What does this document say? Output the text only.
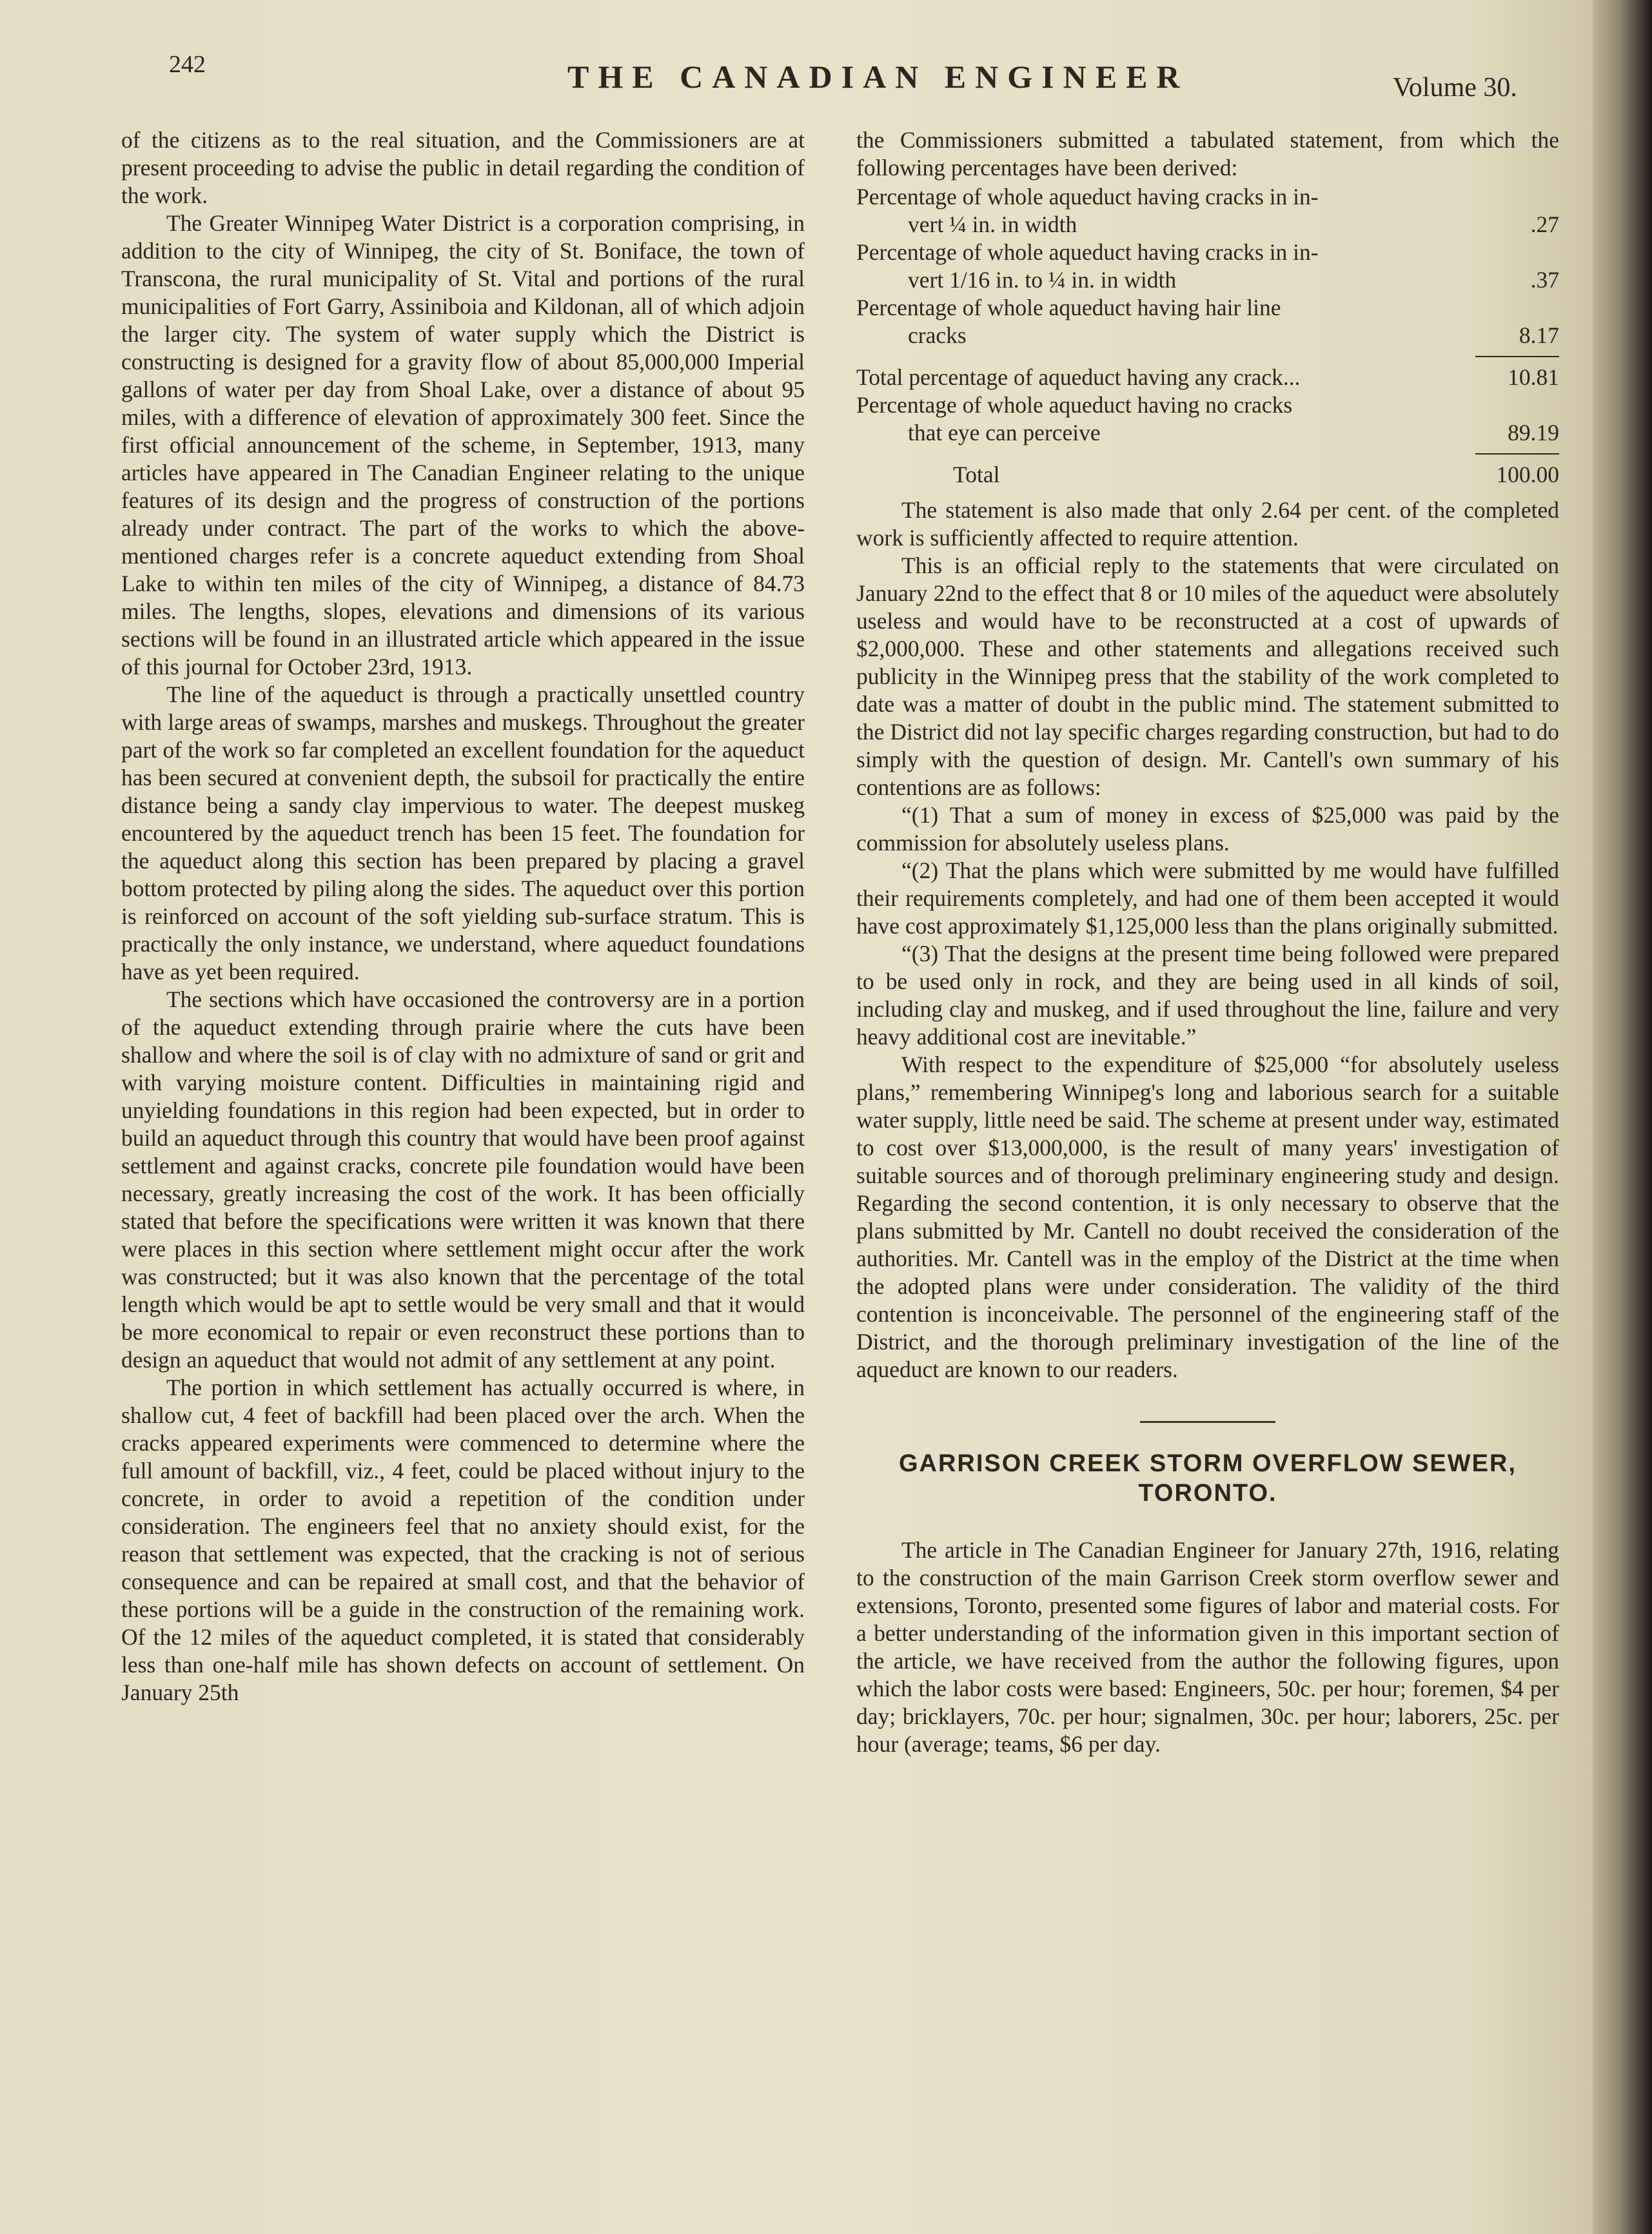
242	THE CANADIAN ENGINEER	Volume 30.

of the citizens as to the real situation, and the Commissioners are at present proceeding to advise the public in detail regarding the condition of the work.

The Greater Winnipeg Water District is a corporation comprising, in addition to the city of Winnipeg, the city of St. Boniface, the town of Transcona, the rural municipality of St. Vital and portions of the rural municipalities of Fort Garry, Assiniboia and Kildonan, all of which adjoin the larger city. The system of water supply which the District is constructing is designed for a gravity flow of about 85,000,000 Imperial gallons of water per day from Shoal Lake, over a distance of about 95 miles, with a difference of elevation of approximately 300 feet. Since the first official announcement of the scheme, in September, 1913, many articles have appeared in The Canadian Engineer relating to the unique features of its design and the progress of construction of the portions already under contract. The part of the works to which the above-mentioned charges refer is a concrete aqueduct extending from Shoal Lake to within ten miles of the city of Winnipeg, a distance of 84.73 miles. The lengths, slopes, elevations and dimensions of its various sections will be found in an illustrated article which appeared in the issue of this journal for October 23rd, 1913.

The line of the aqueduct is through a practically unsettled country with large areas of swamps, marshes and muskegs. Throughout the greater part of the work so far completed an excellent foundation for the aqueduct has been secured at convenient depth, the subsoil for practically the entire distance being a sandy clay impervious to water. The deepest muskeg encountered by the aqueduct trench has been 15 feet. The foundation for the aqueduct along this section has been prepared by placing a gravel bottom protected by piling along the sides. The aqueduct over this portion is reinforced on account of the soft yielding sub-surface stratum. This is practically the only instance, we understand, where aqueduct foundations have as yet been required.

The sections which have occasioned the controversy are in a portion of the aqueduct extending through prairie where the cuts have been shallow and where the soil is of clay with no admixture of sand or grit and with varying moisture content. Difficulties in maintaining rigid and unyielding foundations in this region had been expected, but in order to build an aqueduct through this country that would have been proof against settlement and against cracks, concrete pile foundation would have been necessary, greatly increasing the cost of the work. It has been officially stated that before the specifications were written it was known that there were places in this section where settlement might occur after the work was constructed; but it was also known that the percentage of the total length which would be apt to settle would be very small and that it would be more economical to repair or even reconstruct these portions than to design an aqueduct that would not admit of any settlement at any point.

The portion in which settlement has actually occurred is where, in shallow cut, 4 feet of backfill had been placed over the arch. When the cracks appeared experiments were commenced to determine where the full amount of backfill, viz., 4 feet, could be placed without injury to the concrete, in order to avoid a repetition of the condition under consideration. The engineers feel that no anxiety should exist, for the reason that settlement was expected, that the cracking is not of serious consequence and can be repaired at small cost, and that the behavior of these portions will be a guide in the construction of the remaining work. Of the 12 miles of the aqueduct completed, it is stated that considerably less than one-half mile has shown defects on account of settlement. On January 25th

the Commissioners submitted a tabulated statement, from which the following percentages have been derived:

Percentage of whole aqueduct having cracks in in-
vert ¼ in. in width	.27
Percentage of whole aqueduct having cracks in in-
vert 1/16 in. to ¼ in. in width	.37
Percentage of whole aqueduct having hair line
cracks	8.17
Total percentage of aqueduct having any crack...	10.81
Percentage of whole aqueduct having no cracks
that eye can perceive	89.19
Total	100.00

The statement is also made that only 2.64 per cent. of the completed work is sufficiently affected to require attention.

This is an official reply to the statements that were circulated on January 22nd to the effect that 8 or 10 miles of the aqueduct were absolutely useless and would have to be reconstructed at a cost of upwards of $2,000,000. These and other statements and allegations received such publicity in the Winnipeg press that the stability of the work completed to date was a matter of doubt in the public mind. The statement submitted to the District did not lay specific charges regarding construction, but had to do simply with the question of design. Mr. Cantell's own summary of his contentions are as follows:

“(1) That a sum of money in excess of $25,000 was paid by the commission for absolutely useless plans.

“(2) That the plans which were submitted by me would have fulfilled their requirements completely, and had one of them been accepted it would have cost approximately $1,125,000 less than the plans originally submitted.

“(3) That the designs at the present time being followed were prepared to be used only in rock, and they are being used in all kinds of soil, including clay and muskeg, and if used throughout the line, failure and very heavy additional cost are inevitable.”

With respect to the expenditure of $25,000 “for absolutely useless plans,” remembering Winnipeg's long and laborious search for a suitable water supply, little need be said. The scheme at present under way, estimated to cost over $13,000,000, is the result of many years' investigation of suitable sources and of thorough preliminary engineering study and design. Regarding the second contention, it is only necessary to observe that the plans submitted by Mr. Cantell no doubt received the consideration of the authorities. Mr. Cantell was in the employ of the District at the time when the adopted plans were under consideration. The validity of the third contention is inconceivable. The personnel of the engineering staff of the District, and the thorough preliminary investigation of the line of the aqueduct are known to our readers.

GARRISON CREEK STORM OVERFLOW SEWER,
TORONTO.

The article in The Canadian Engineer for January 27th, 1916, relating to the construction of the main Garrison Creek storm overflow sewer and extensions, Toronto, presented some figures of labor and material costs. For a better understanding of the information given in this important section of the article, we have received from the author the following figures, upon which the labor costs were based: Engineers, 50c. per hour; foremen, $4 per day; bricklayers, 70c. per hour; signalmen, 30c. per hour; laborers, 25c. per hour (average; teams, $6 per day.
